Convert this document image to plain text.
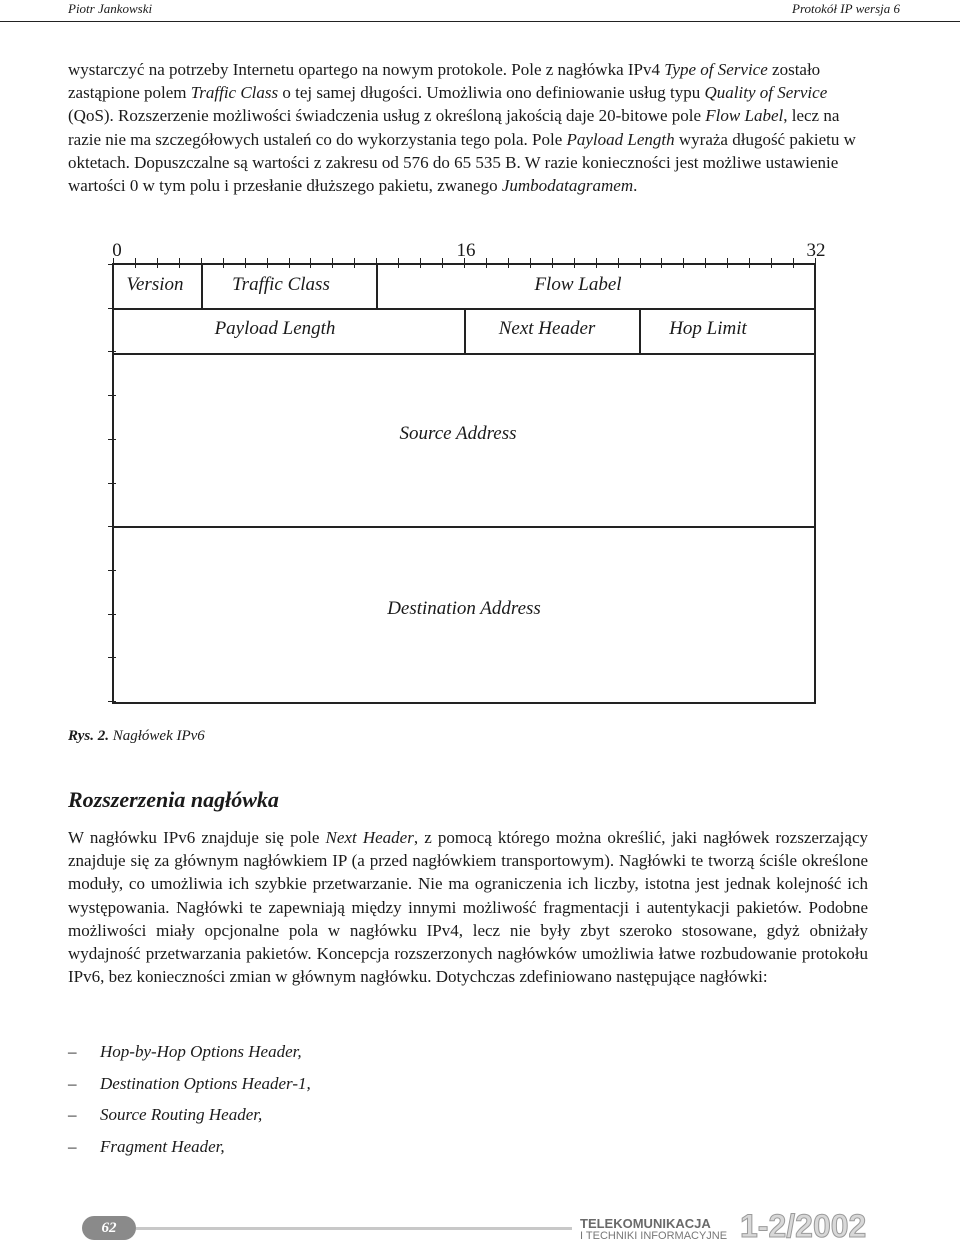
Piotr Jankowski	Protokół IP wersja 6

wystarczyć na potrzeby Internetu opartego na nowym protokole. Pole z nagłówka IPv4 Type of Service zostało zastąpione polem Traffic Class o tej samej długości. Umożliwia ono definiowanie usług typu Quality of Service (QoS). Rozszerzenie możliwości świadczenia usług z określoną jakością daje 20-bitowe pole Flow Label, lecz na razie nie ma szczegółowych ustaleń co do wykorzystania tego pola. Pole Payload Length wyraża długość pakietu w oktetach. Dopuszczalne są wartości z zakresu od 576 do 65 535 B. W razie konieczności jest możliwe ustawienie wartości 0 w tym polu i przesłanie dłuższego pakietu, zwanego Jumbodatagramem.

0	16	32
Version	Traffic Class	Flow Label
Payload Length	Next Header	Hop Limit
Source Address
Destination Address
Rys. 2. Nagłówek IPv6
Rozszerzenia nagłówka

W nagłówku IPv6 znajduje się pole Next Header, z pomocą którego można określić, jaki nagłówek rozszerzający znajduje się za głównym nagłówkiem IP (a przed nagłówkiem transportowym). Nagłówki te tworzą ściśle określone moduły, co umożliwia ich szybkie przetwarzanie. Nie ma ograniczenia ich liczby, istotna jest jednak kolejność ich występowania. Nagłówki te zapewniają między innymi możliwość fragmentacji i autentykacji pakietów. Podobne możliwości miały opcjonalne pola w nagłówku IPv4, lecz nie były zbyt szeroko stosowane, gdyż obniżały wydajność przetwarzania pakietów. Koncepcja rozszerzonych nagłówków umożliwia łatwe rozbudowanie protokołu IPv6, bez konieczności zmian w głównym nagłówku. Dotychczas zdefiniowano następujące nagłówki:

– Hop-by-Hop Options Header,
– Destination Options Header-1,
– Source Routing Header,
– Fragment Header,
62	TELEKOMUNIKACJA
I TECHNIKI INFORMACYJNE 1-2/2002
